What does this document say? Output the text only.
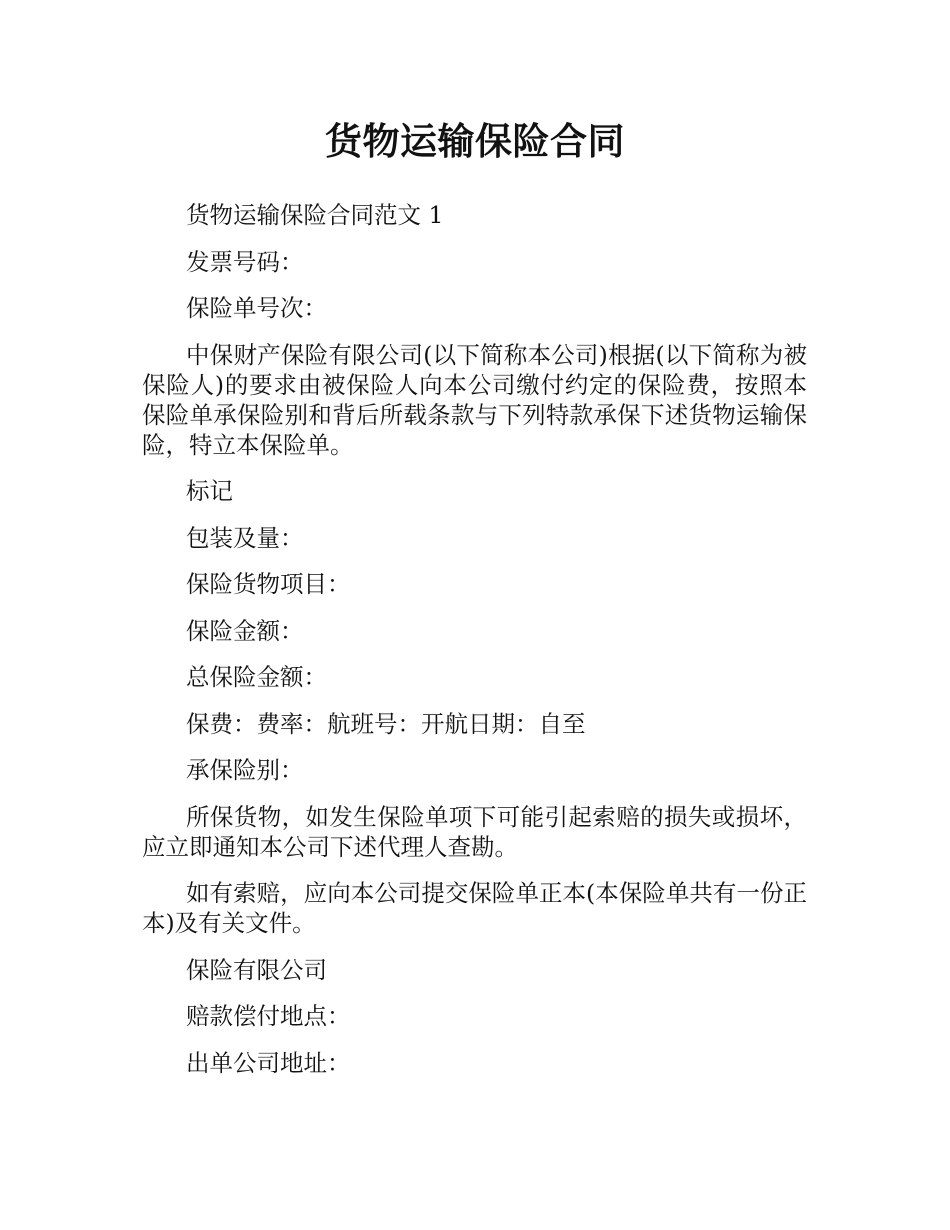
货物运输保险合同

货物运输保险合同范文 1

发票号码：

保险单号次：

中保财产保险有限公司(以下简称本公司)根据(以下简称为被保险人)的要求由被保险人向本公司缴付约定的保险费，按照本保险单承保险别和背后所载条款与下列特款承保下述货物运输保险，特立本保险单。

标记

包装及量：

保险货物项目：

保险金额：

总保险金额：

保费：费率：航班号：开航日期：自至

承保险别：

所保货物，如发生保险单项下可能引起索赔的损失或损坏，应立即通知本公司下述代理人查勘。

如有索赔，应向本公司提交保险单正本(本保险单共有一份正本)及有关文件。

保险有限公司

赔款偿付地点：

出单公司地址：
